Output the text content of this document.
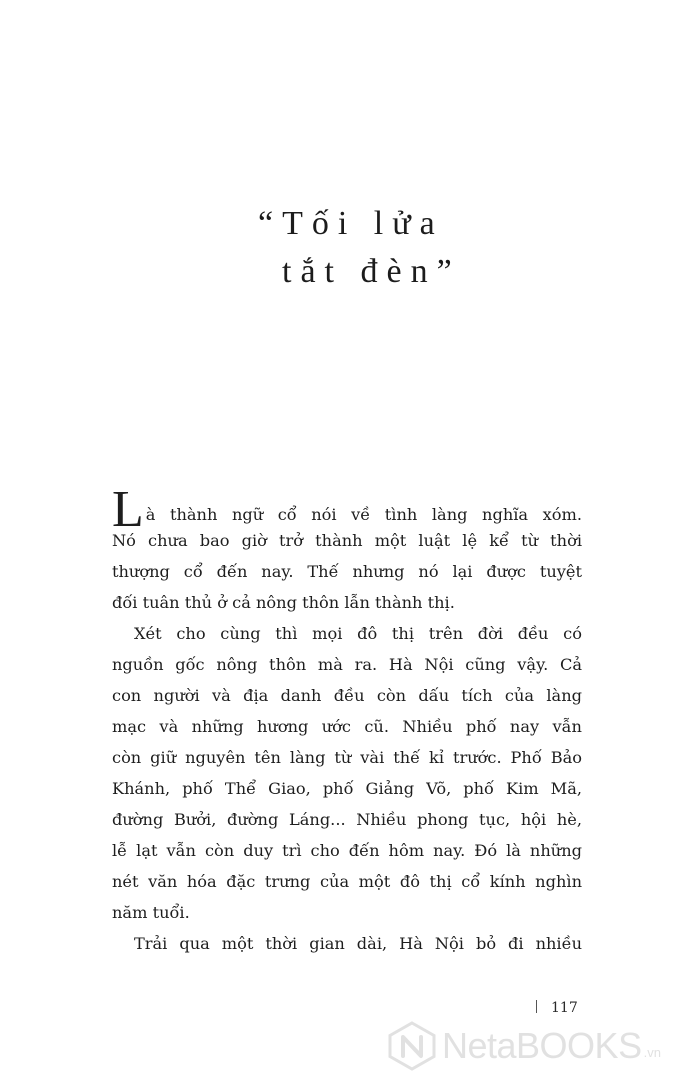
“Tối lửa
tắt đèn”
Là thành ngữ cổ nói về tình làng nghĩa xóm.
Nó chưa bao giờ trở thành một luật lệ kể từ thời
thượng cổ đến nay. Thế nhưng nó lại được tuyệt
đối tuân thủ ở cả nông thôn lẫn thành thị.
Xét cho cùng thì mọi đô thị trên đời đều có
nguồn gốc nông thôn mà ra. Hà Nội cũng vậy. Cả
con người và địa danh đều còn dấu tích của làng
mạc và những hương ước cũ. Nhiều phố nay vẫn
còn giữ nguyên tên làng từ vài thế kỉ trước. Phố Bảo
Khánh, phố Thể Giao, phố Giảng Võ, phố Kim Mã,
đường Bưởi, đường Láng... Nhiều phong tục, hội hè,
lễ lạt vẫn còn duy trì cho đến hôm nay. Đó là những
nét văn hóa đặc trưng của một đô thị cổ kính nghìn
năm tuổi.
Trải qua một thời gian dài, Hà Nội bỏ đi nhiều
117
NetaBOOKS .vn
